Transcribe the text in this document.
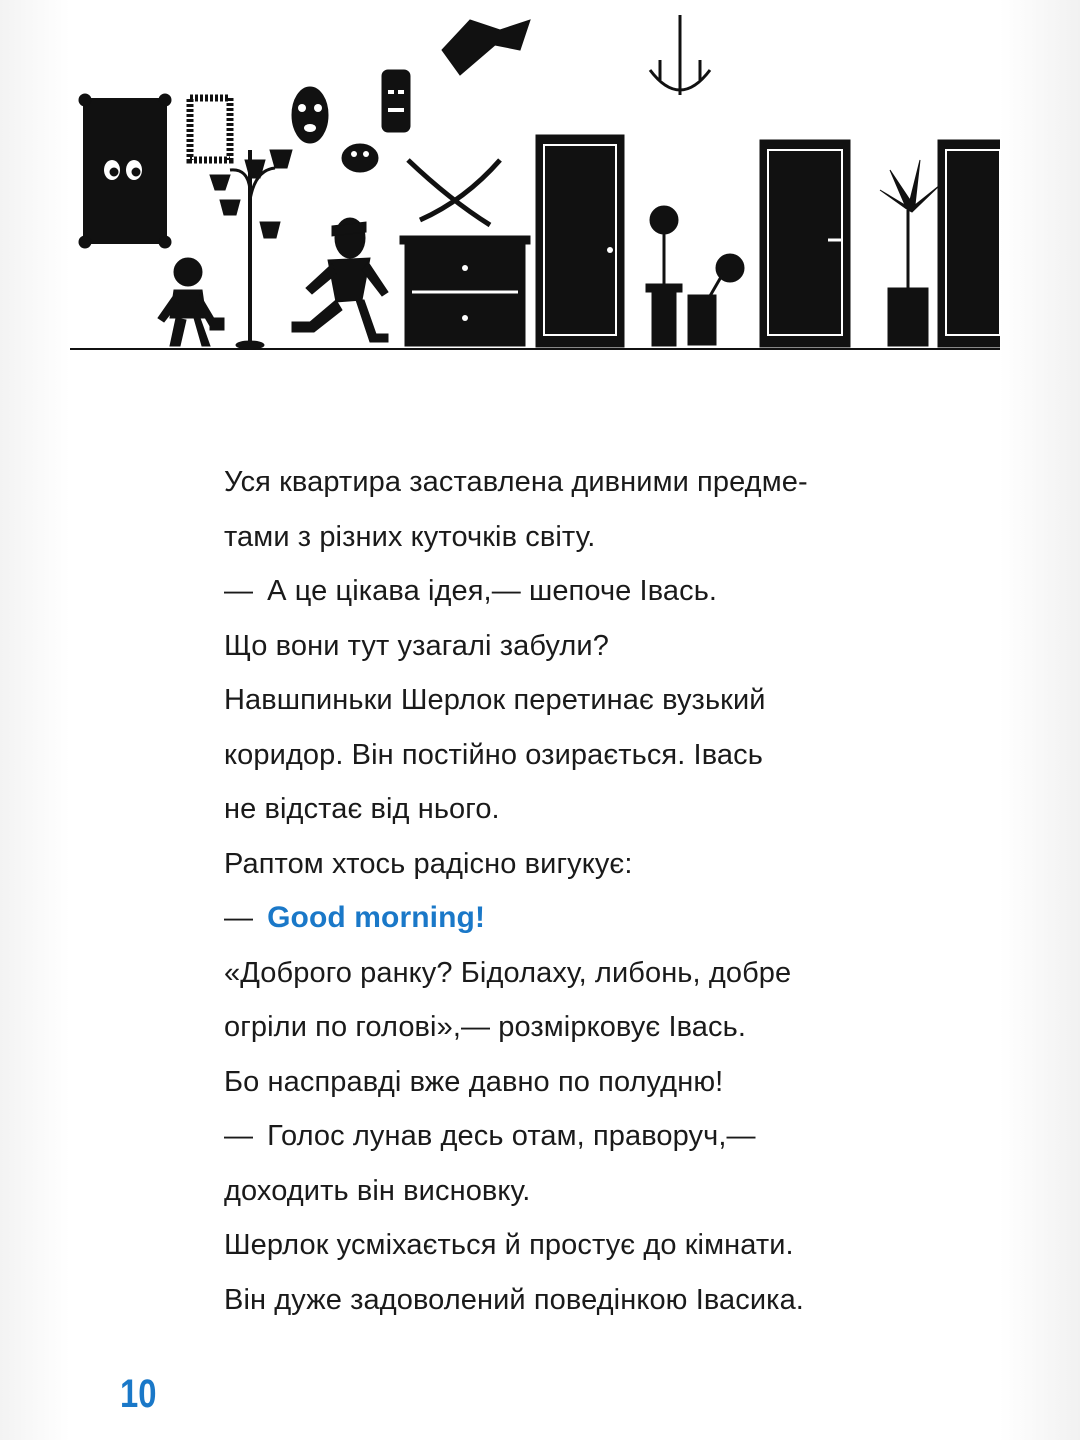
Уся квартира заставлена дивними предме-
тами з різних куточків світу.
— А це цікава ідея,— шепоче Івась.
Що вони тут узагалі забули?
Навшпиньки Шерлок перетинає вузький
коридор. Він постійно озирається. Івась
не відстає від нього.
Раптом хтось радісно вигукує:
— Good morning!
«Доброго ранку? Бідолаху, либонь, добре
огріли по голові»,— розмірковує Івась.
Бо насправді вже давно по полудню!
— Голос лунав десь отам, праворуч,—
доходить він висновку.
Шерлок усміхається й простує до кімнати.
Він дуже задоволений поведінкою Івасика.
10
